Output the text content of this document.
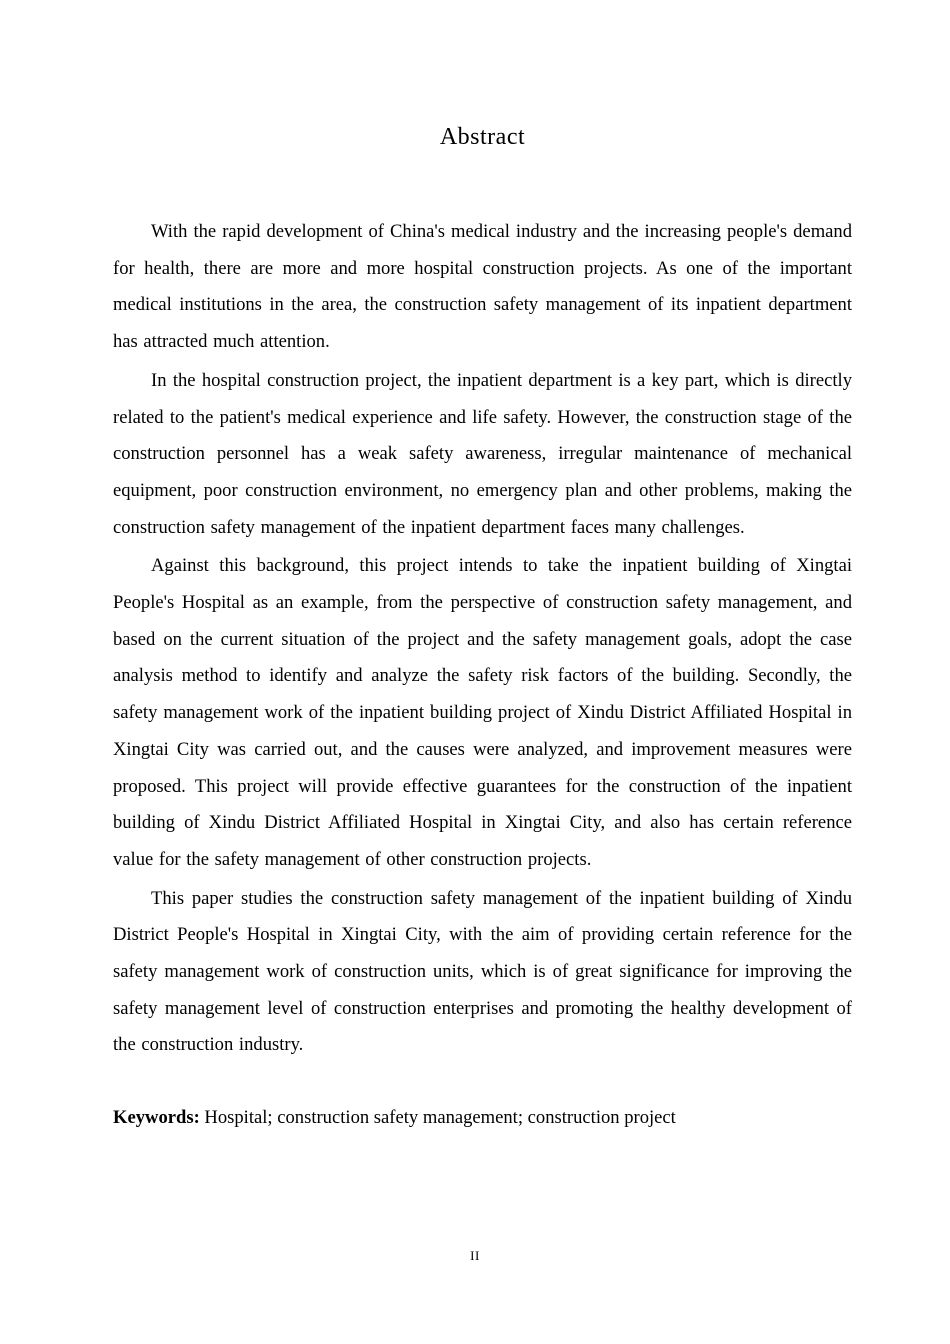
Abstract

With the rapid development of China's medical industry and the increasing people's demand for health, there are more and more hospital construction projects. As one of the important medical institutions in the area, the construction safety management of its inpatient department has attracted much attention.

In the hospital construction project, the inpatient department is a key part, which is directly related to the patient's medical experience and life safety. However, the construction stage of the construction personnel has a weak safety awareness, irregular maintenance of mechanical equipment, poor construction environment, no emergency plan and other problems, making the construction safety management of the inpatient department faces many challenges.

Against this background, this project intends to take the inpatient building of Xingtai People's Hospital as an example, from the perspective of construction safety management, and based on the current situation of the project and the safety management goals, adopt the case analysis method to identify and analyze the safety risk factors of the building. Secondly, the safety management work of the inpatient building project of Xindu District Affiliated Hospital in Xingtai City was carried out, and the causes were analyzed, and improvement measures were proposed. This project will provide effective guarantees for the construction of the inpatient building of Xindu District Affiliated Hospital in Xingtai City, and also has certain reference value for the safety management of other construction projects.

This paper studies the construction safety management of the inpatient building of Xindu District People's Hospital in Xingtai City, with the aim of providing certain reference for the safety management work of construction units, which is of great significance for improving the safety management level of construction enterprises and promoting the healthy development of the construction industry.

Keywords: Hospital; construction safety management; construction project

II
